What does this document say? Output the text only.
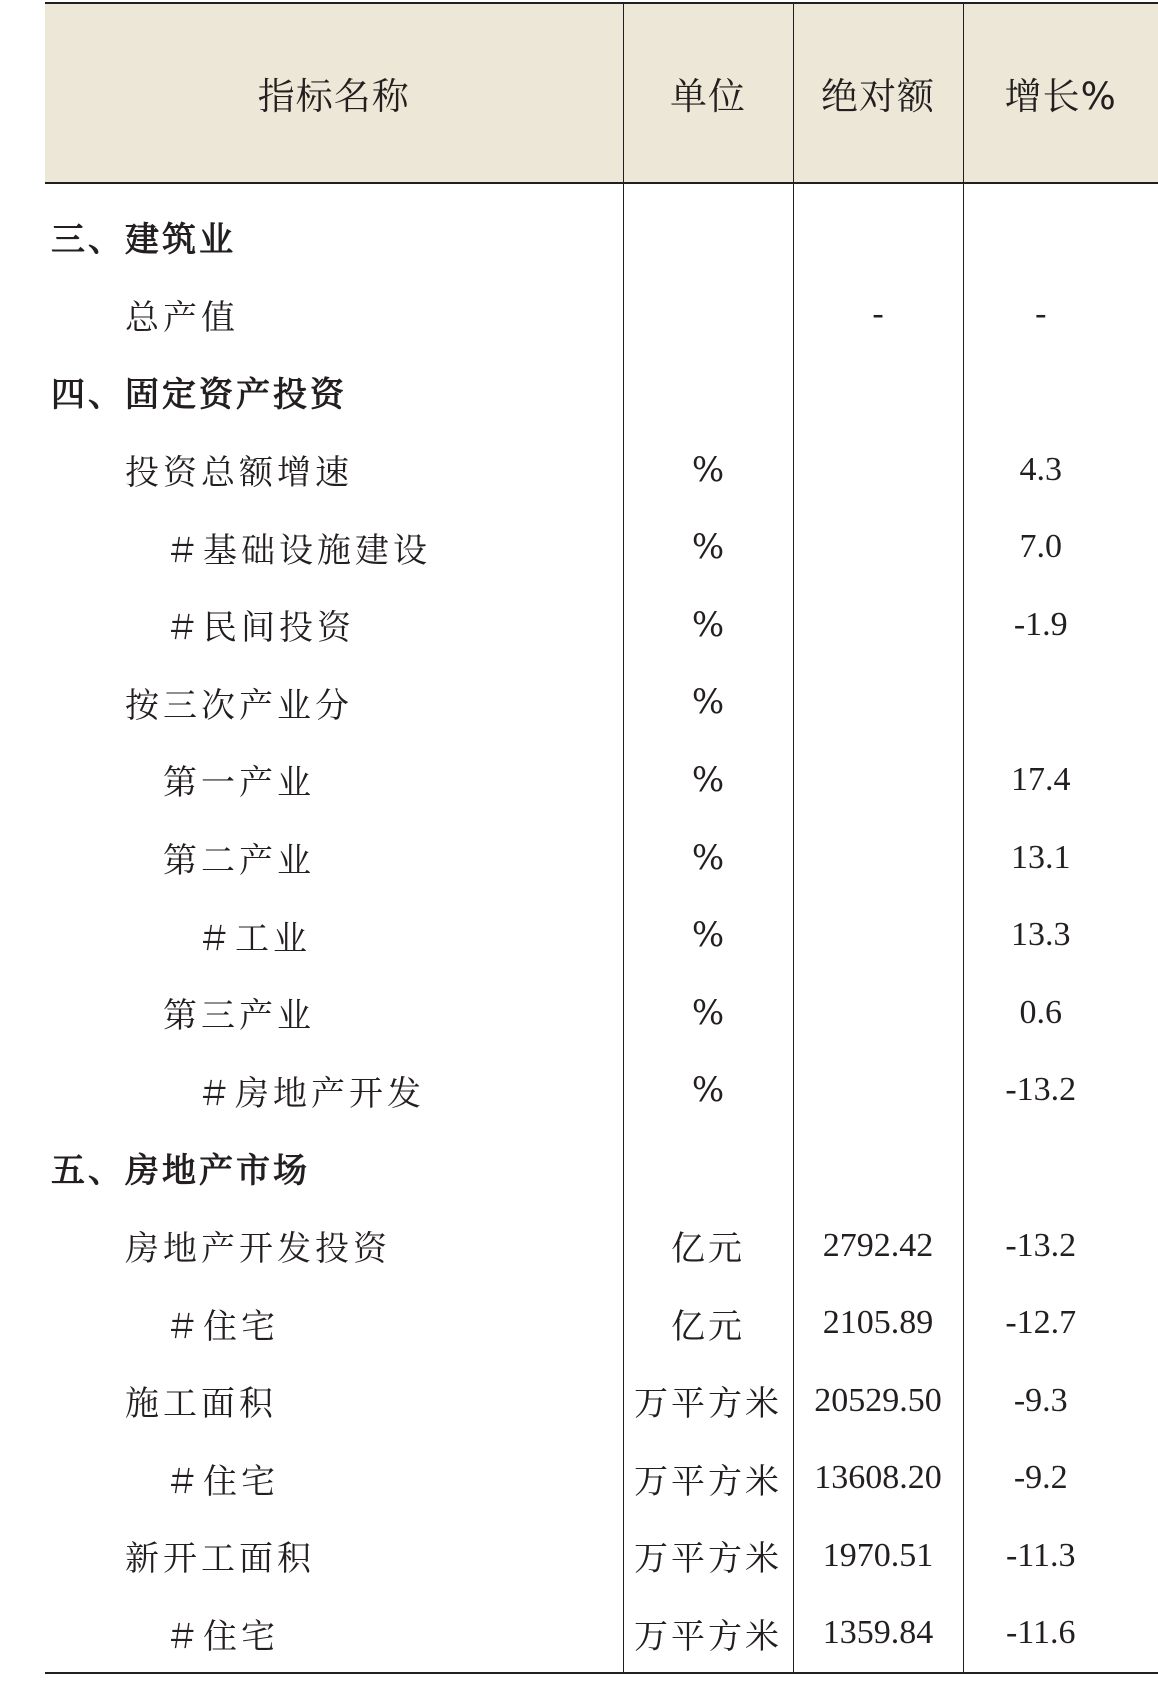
指标名称	单位	绝对额	增长%
三、建筑业			
总产值		-	-
四、固定资产投资			
投资总额增速	%		4.3
＃基础设施建设	%		7.0
＃民间投资	%		-1.9
按三次产业分	%		
第一产业	%		17.4
第二产业	%		13.1
＃工业	%		13.3
第三产业	%		0.6
＃房地产开发	%		-13.2
五、房地产市场			
房地产开发投资	亿元	2792.42	-13.2
＃住宅	亿元	2105.89	-12.7
施工面积	万平方米	20529.50	-9.3
＃住宅	万平方米	13608.20	-9.2
新开工面积	万平方米	1970.51	-11.3
＃住宅	万平方米	1359.84	-11.6
